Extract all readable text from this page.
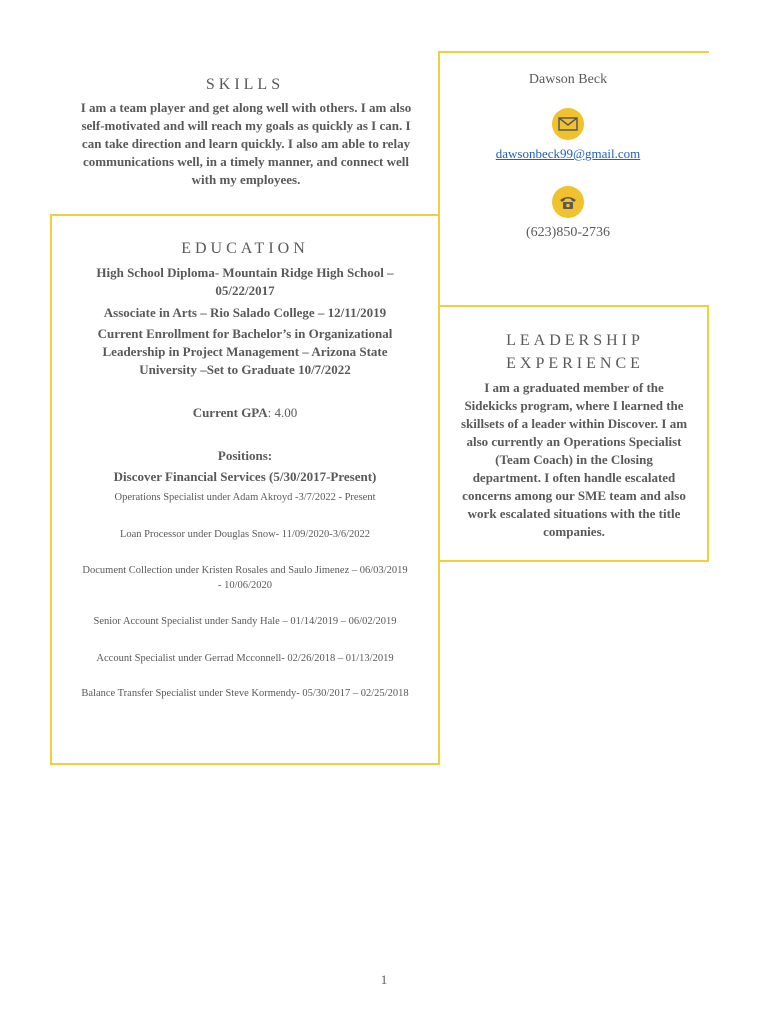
SKILLS
I am a team player and get along well with others. I am also self-motivated and will reach my goals as quickly as I can. I can take direction and learn quickly. I also am able to relay communications well, in a timely manner, and connect well with my employees.
Dawson Beck
dawsonbeck99@gmail.com
(623)850-2736
EDUCATION
High School Diploma- Mountain Ridge High School – 05/22/2017
Associate in Arts – Rio Salado College – 12/11/2019
Current Enrollment for Bachelor’s in Organizational Leadership in Project Management – Arizona State University –Set to Graduate 10/7/2022
Current GPA: 4.00
Positions:
Discover Financial Services (5/30/2017-Present)
Operations Specialist under Adam Akroyd -3/7/2022 - Present
Loan Processor under Douglas Snow- 11/09/2020-3/6/2022
Document Collection under Kristen Rosales and Saulo Jimenez – 06/03/2019 - 10/06/2020
Senior Account Specialist under Sandy Hale – 01/14/2019 – 06/02/2019
Account Specialist under Gerrad Mcconnell- 02/26/2018 – 01/13/2019
Balance Transfer Specialist under Steve Kormendy- 05/30/2017 – 02/25/2018
LEADERSHIP
EXPERIENCE
I am a graduated member of the Sidekicks program, where I learned the skillsets of a leader within Discover. I am also currently an Operations Specialist (Team Coach) in the Closing department. I often handle escalated concerns among our SME team and also work escalated situations with the title companies.
1
